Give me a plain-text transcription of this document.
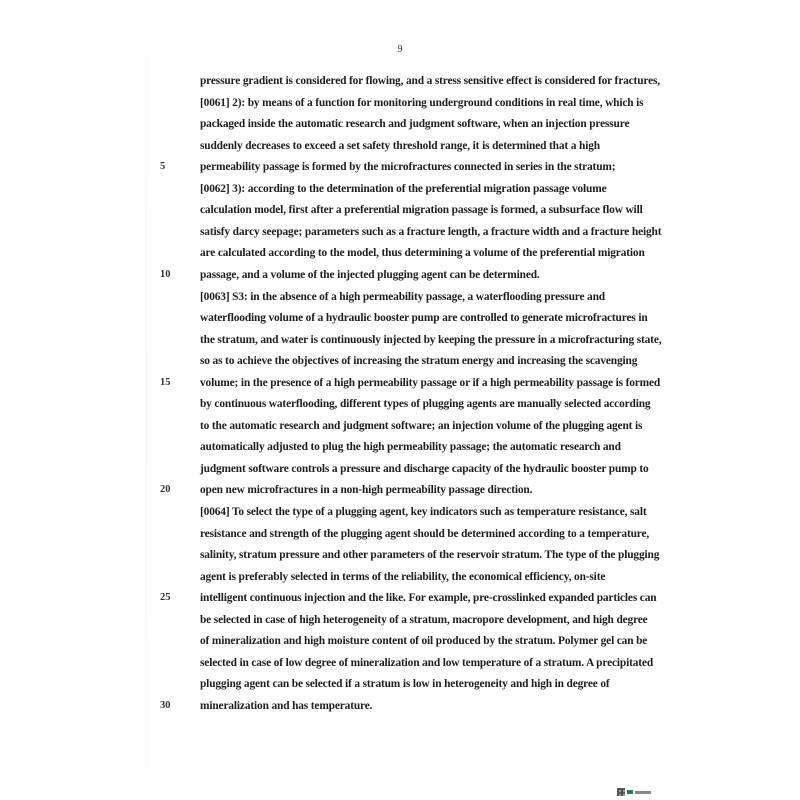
9
pressure gradient is considered for flowing, and a stress sensitive effect is considered for fractures,
[0061] 2): by means of a function for monitoring underground conditions in real time, which is
packaged inside the automatic research and judgment software, when an injection pressure
suddenly decreases to exceed a set safety threshold range, it is determined that a high
permeability passage is formed by the microfractures connected in series in the stratum;
5
[0062] 3): according to the determination of the preferential migration passage volume
calculation model, first after a preferential migration passage is formed, a subsurface flow will
satisfy darcy seepage; parameters such as a fracture length, a fracture width and a fracture height
are calculated according to the model, thus determining a volume of the preferential migration
passage, and a volume of the injected plugging agent can be determined.
10
[0063] S3: in the absence of a high permeability passage, a waterflooding pressure and
waterflooding volume of a hydraulic booster pump are controlled to generate microfractures in
the stratum, and water is continuously injected by keeping the pressure in a microfracturing state,
so as to achieve the objectives of increasing the stratum energy and increasing the scavenging
volume; in the presence of a high permeability passage or if a high permeability passage is formed
15
by continuous waterflooding, different types of plugging agents are manually selected according
to the automatic research and judgment software; an injection volume of the plugging agent is
automatically adjusted to plug the high permeability passage; the automatic research and
judgment software controls a pressure and discharge capacity of the hydraulic booster pump to
open new microfractures in a non-high permeability passage direction.
20
[0064] To select the type of a plugging agent, key indicators such as temperature resistance, salt
resistance and strength of the plugging agent should be determined according to a temperature,
salinity, stratum pressure and other parameters of the reservoir stratum. The type of the plugging
agent is preferably selected in terms of the reliability, the economical efficiency, on-site
intelligent continuous injection and the like. For example, pre-crosslinked expanded particles can
25
be selected in case of high heterogeneity of a stratum, macropore development, and high degree
of mineralization and high moisture content of oil produced by the stratum. Polymer gel can be
selected in case of low degree of mineralization and low temperature of a stratum. A precipitated
plugging agent can be selected if a stratum is low in heterogeneity and high in degree of
mineralization and has temperature.
30
